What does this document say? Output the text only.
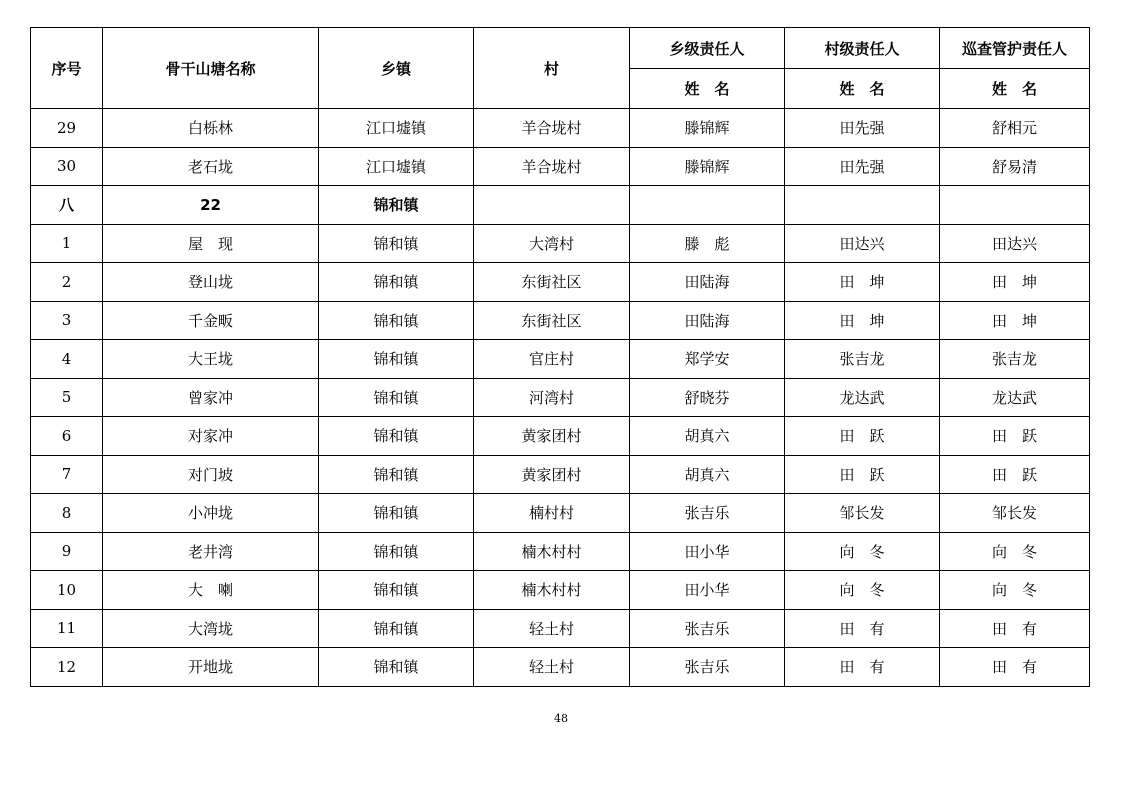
序号	骨干山塘名称	乡镇	村	乡级责任人	村级责任人	巡查管护责任人
				姓　名	姓　名	姓　名
29	白栎林	江口墟镇	羊合垅村	滕锦辉	田先强	舒相元
30	老石垅	江口墟镇	羊合垅村	滕锦辉	田先强	舒易清
八	22	锦和镇				
1	屋　现	锦和镇	大湾村	滕　彪	田达兴	田达兴
2	登山垅	锦和镇	东街社区	田陆海	田　坤	田　坤
3	千金畈	锦和镇	东街社区	田陆海	田　坤	田　坤
4	大王垅	锦和镇	官庄村	郑学安	张吉龙	张吉龙
5	曾家冲	锦和镇	河湾村	舒晓芬	龙达武	龙达武
6	对家冲	锦和镇	黄家团村	胡真六	田　跃	田　跃
7	对门坡	锦和镇	黄家团村	胡真六	田　跃	田　跃
8	小冲垅	锦和镇	楠村村	张吉乐	邹长发	邹长发
9	老井湾	锦和镇	楠木村村	田小华	向　冬	向　冬
10	大　喇	锦和镇	楠木村村	田小华	向　冬	向　冬
11	大湾垅	锦和镇	轻土村	张吉乐	田　有	田　有
12	开地垅	锦和镇	轻土村	张吉乐	田　有	田　有
48
